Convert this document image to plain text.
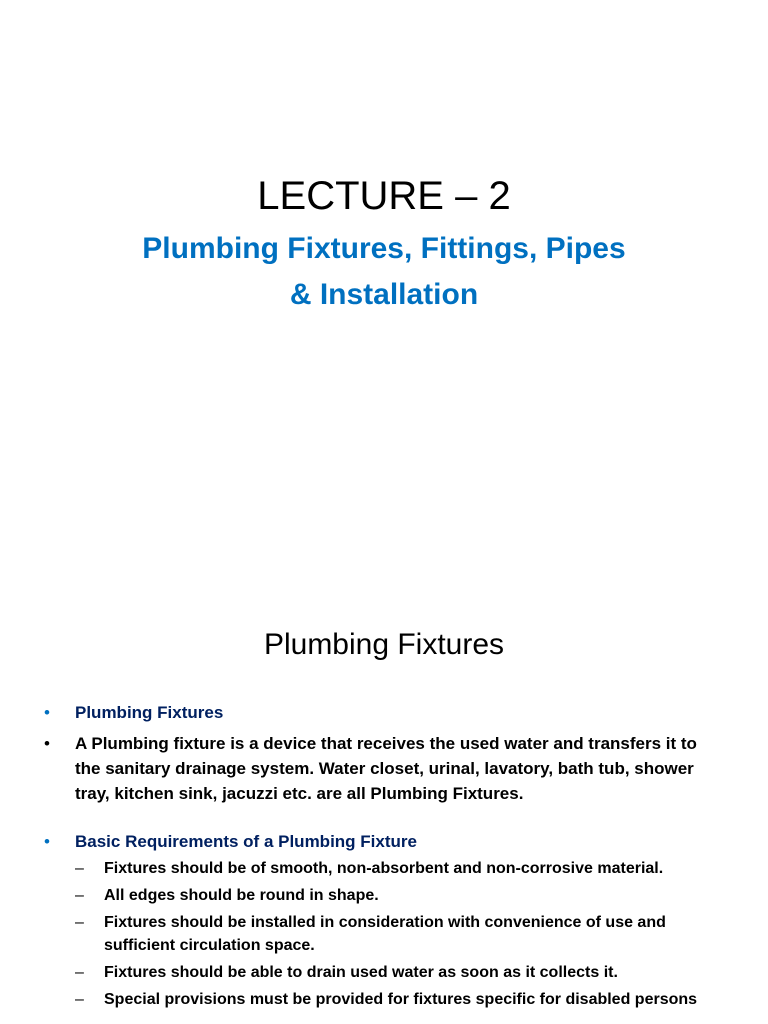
LECTURE – 2
Plumbing Fixtures, Fittings, Pipes
& Installation
Plumbing Fixtures
• Plumbing Fixtures
• A Plumbing fixture is a device that receives the used water and transfers it to the sanitary drainage system. Water closet, urinal, lavatory, bath tub, shower tray, kitchen sink, jacuzzi etc. are all Plumbing Fixtures.
• Basic Requirements of a Plumbing Fixture
– Fixtures should be of smooth, non-absorbent and non-corrosive material.
– All edges should be round in shape.
– Fixtures should be installed in consideration with convenience of use and sufficient circulation space.
– Fixtures should be able to drain used water as soon as it collects it.
– Special provisions must be provided for fixtures specific for disabled persons
